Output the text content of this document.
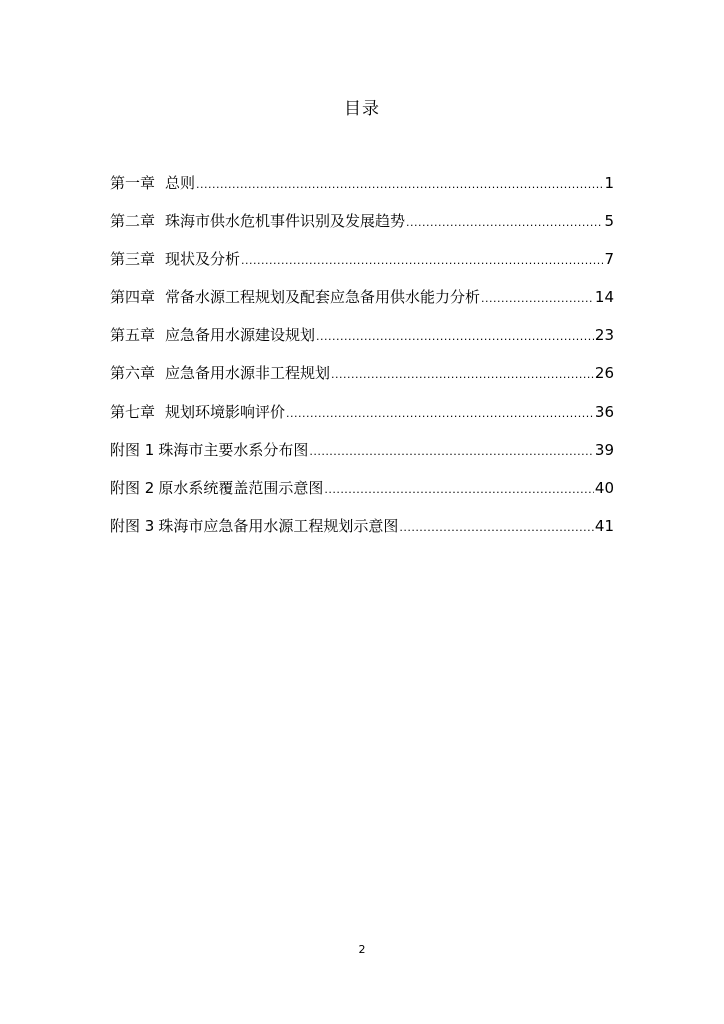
目录
第一章 总则 .....	1
第二章 珠海市供水危机事件识别及发展趋势 .....	5
第三章 现状及分析 .....	7
第四章 常备水源工程规划及配套应急备用供水能力分析 .....	14
第五章 应急备用水源建设规划 .....	23
第六章 应急备用水源非工程规划 .....	26
第七章 规划环境影响评价 .....	36
附图 1 珠海市主要水系分布图 .....	39
附图 2 原水系统覆盖范围示意图 .....	40
附图 3 珠海市应急备用水源工程规划示意图 .....	41
2
